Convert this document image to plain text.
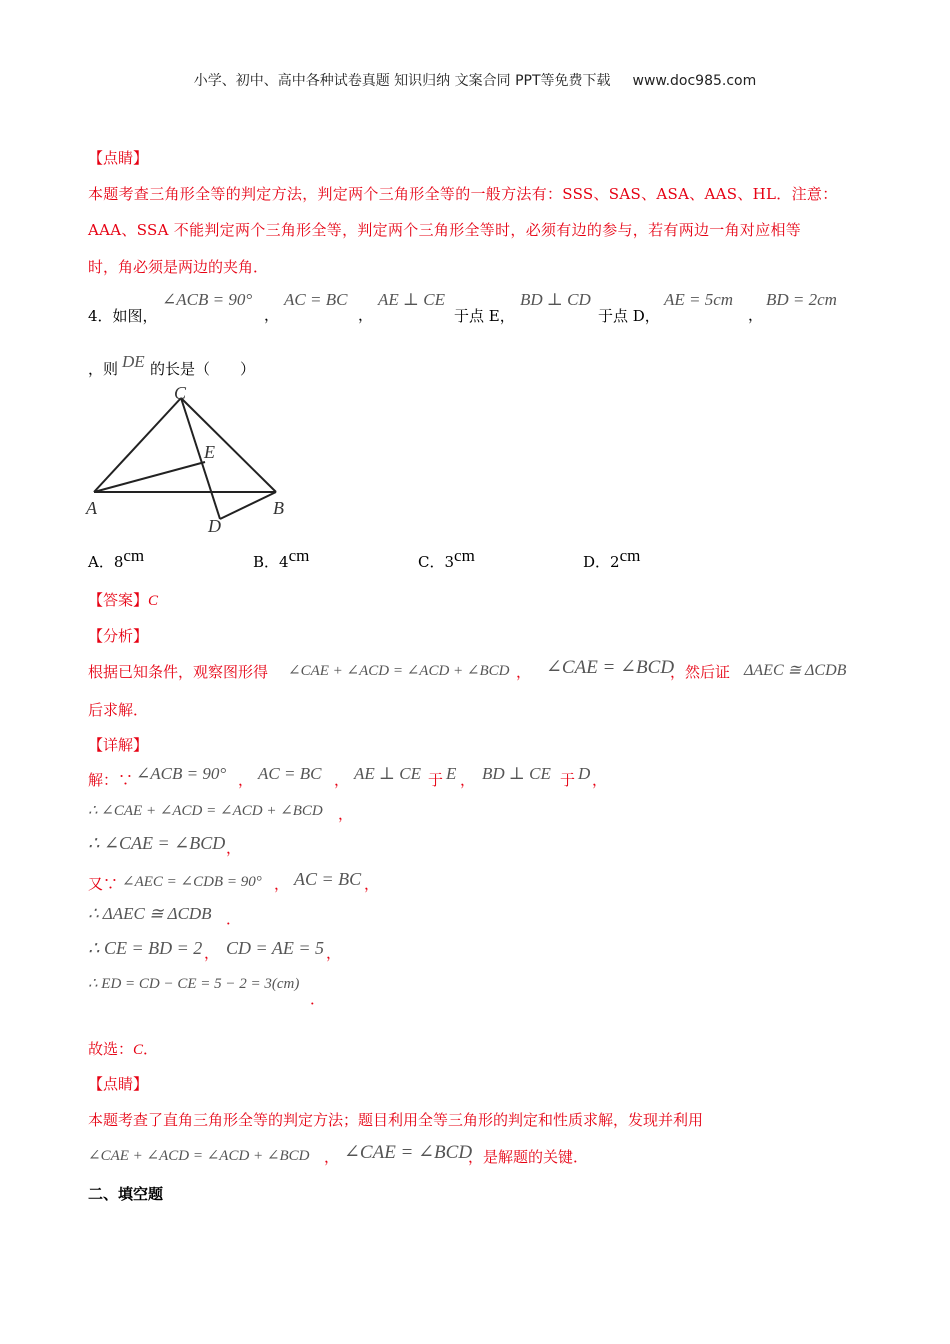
小学、初中、高中各种试卷真题 知识归纳 文案合同 PPT等免费下载 www.doc985.com
【点睛】
本题考查三角形全等的判定方法，判定两个三角形全等的一般方法有：SSS、SAS、ASA、AAS、HL．注意：
AAA、SSA 不能判定两个三角形全等，判定两个三角形全等时，必须有边的参与，若有两边一角对应相等
时，角必须是两边的夹角．
4．如图，
∠ACB = 90°
，
AC = BC
，
AE ⊥ CE
于点 E，
BD ⊥ CD
于点 D，
AE = 5cm
，
BD = 2cm
，则 DE 的长是（　　）
C
E
A	B
D
A．8cm	B．4cm	C．3cm	D．2cm
【答案】C
【分析】
根据已知条件，观察图形得 ∠CAE + ∠ACD = ∠ACD + ∠BCD ， ∠CAE = ∠BCD
，然后证 ΔAEC ≅ ΔCDB
后求解．
【详解】
解：∵ ∠ACB = 90° ， AC = BC ， AE ⊥ CE 于 E ， BD ⊥ CE 于 D ，
∴ ∠CAE + ∠ACD = ∠ACD + ∠BCD ，
∴ ∠CAE = ∠BCD ，
又∵ ∠AEC = ∠CDB = 90° ， AC = BC ，
∴ ΔAEC ≅ ΔCDB ．
∴ CE = BD = 2 ， CD = AE = 5 ，
∴ ED = CD − CE = 5 − 2 = 3(cm)
．
故选：C．
【点睛】
本题考查了直角三角形全等的判定方法；题目利用全等三角形的判定和性质求解，发现并利用
∠CAE + ∠ACD = ∠ACD + ∠BCD ， ∠CAE = ∠BCD
，是解题的关键．
二、填空题
